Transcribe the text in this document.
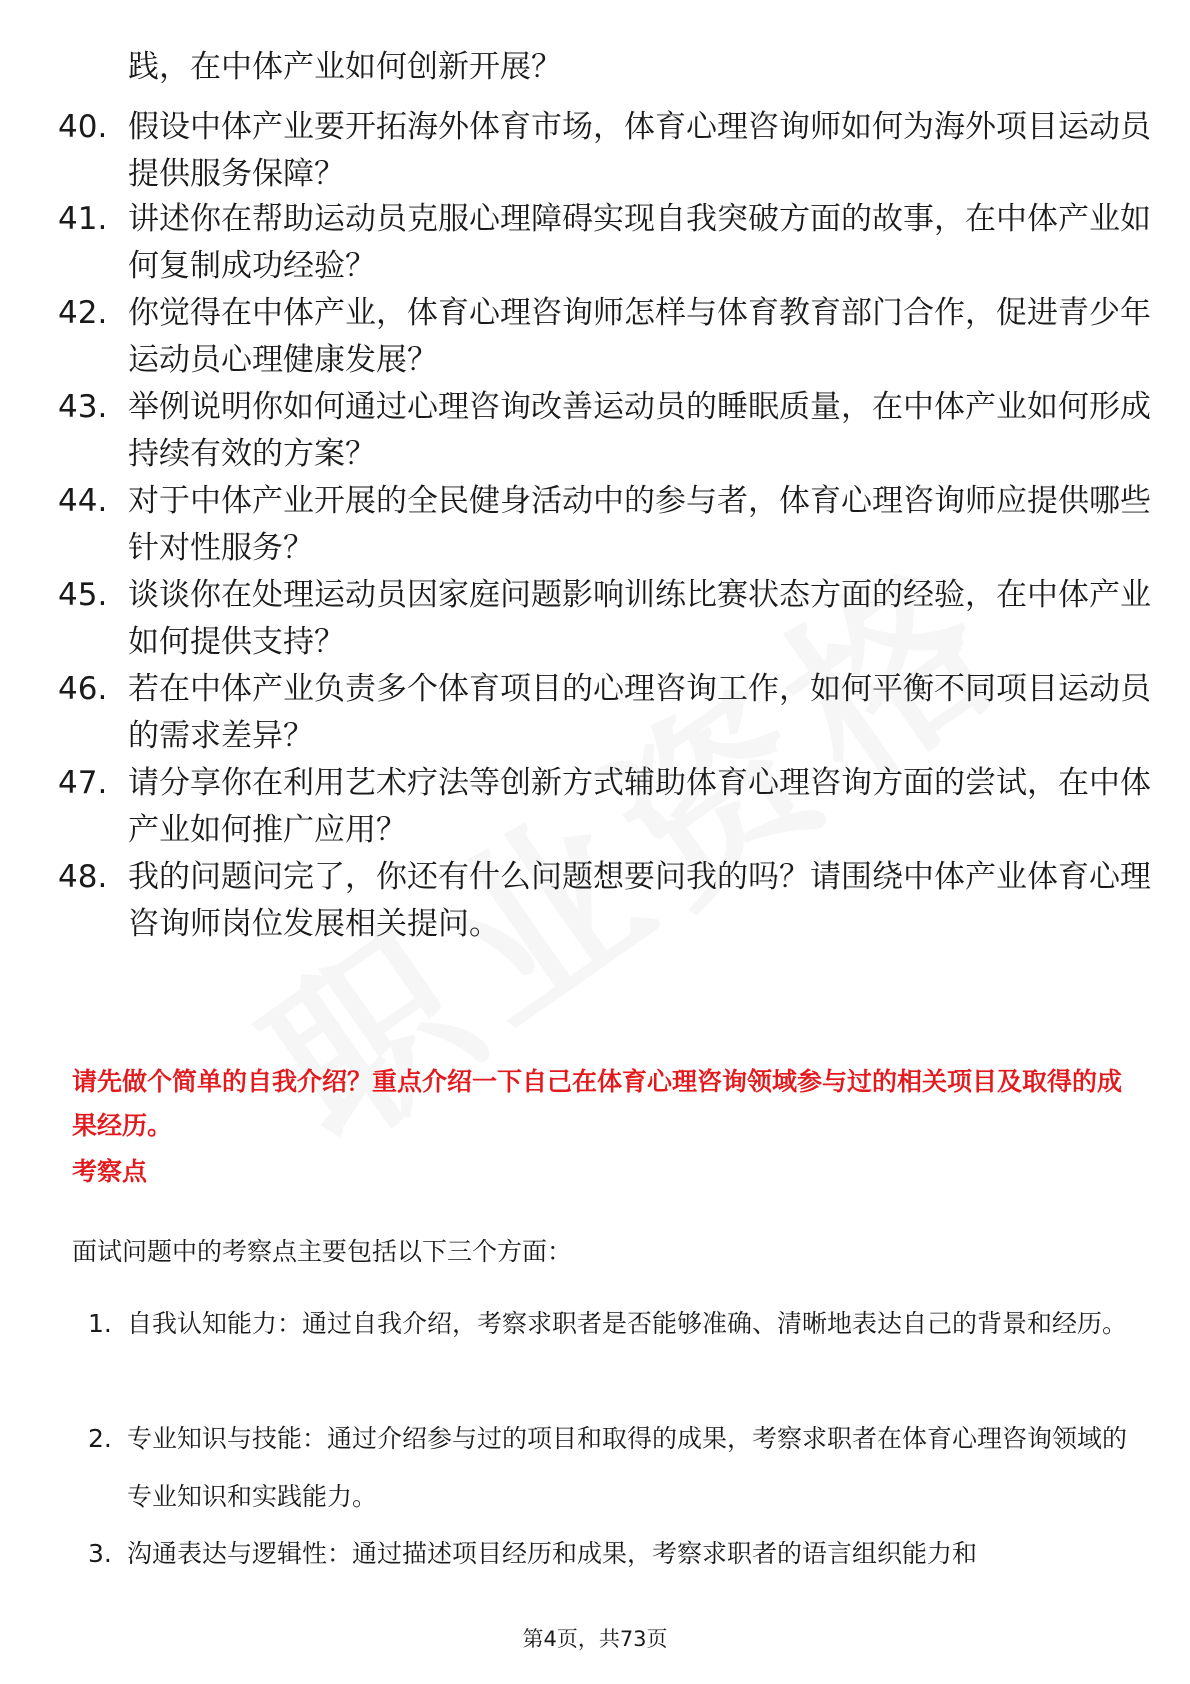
践，在中体产业如何创新开展？
40. 假设中体产业要开拓海外体育市场，体育心理咨询师如何为海外项目运动员提供服务保障？
41. 讲述你在帮助运动员克服心理障碍实现自我突破方面的故事，在中体产业如何复制成功经验？
42. 你觉得在中体产业，体育心理咨询师怎样与体育教育部门合作，促进青少年运动员心理健康发展？
43. 举例说明你如何通过心理咨询改善运动员的睡眠质量，在中体产业如何形成持续有效的方案？
44. 对于中体产业开展的全民健身活动中的参与者，体育心理咨询师应提供哪些针对性服务？
45. 谈谈你在处理运动员因家庭问题影响训练比赛状态方面的经验，在中体产业如何提供支持？
46. 若在中体产业负责多个体育项目的心理咨询工作，如何平衡不同项目运动员的需求差异？
47. 请分享你在利用艺术疗法等创新方式辅助体育心理咨询方面的尝试，在中体产业如何推广应用？
48. 我的问题问完了，你还有什么问题想要问我的吗？请围绕中体产业体育心理咨询师岗位发展相关提问。
请先做个简单的自我介绍？重点介绍一下自己在体育心理咨询领域参与过的相关项目及取得的成果经历。
考察点
面试问题中的考察点主要包括以下三个方面：
1. 自我认知能力：通过自我介绍，考察求职者是否能够准确、清晰地表达自己的背景和经历。
2. 专业知识与技能：通过介绍参与过的项目和取得的成果，考察求职者在体育心理咨询领域的专业知识和实践能力。
3. 沟通表达与逻辑性：通过描述项目经历和成果，考察求职者的语言组织能力和
第4页，共73页
